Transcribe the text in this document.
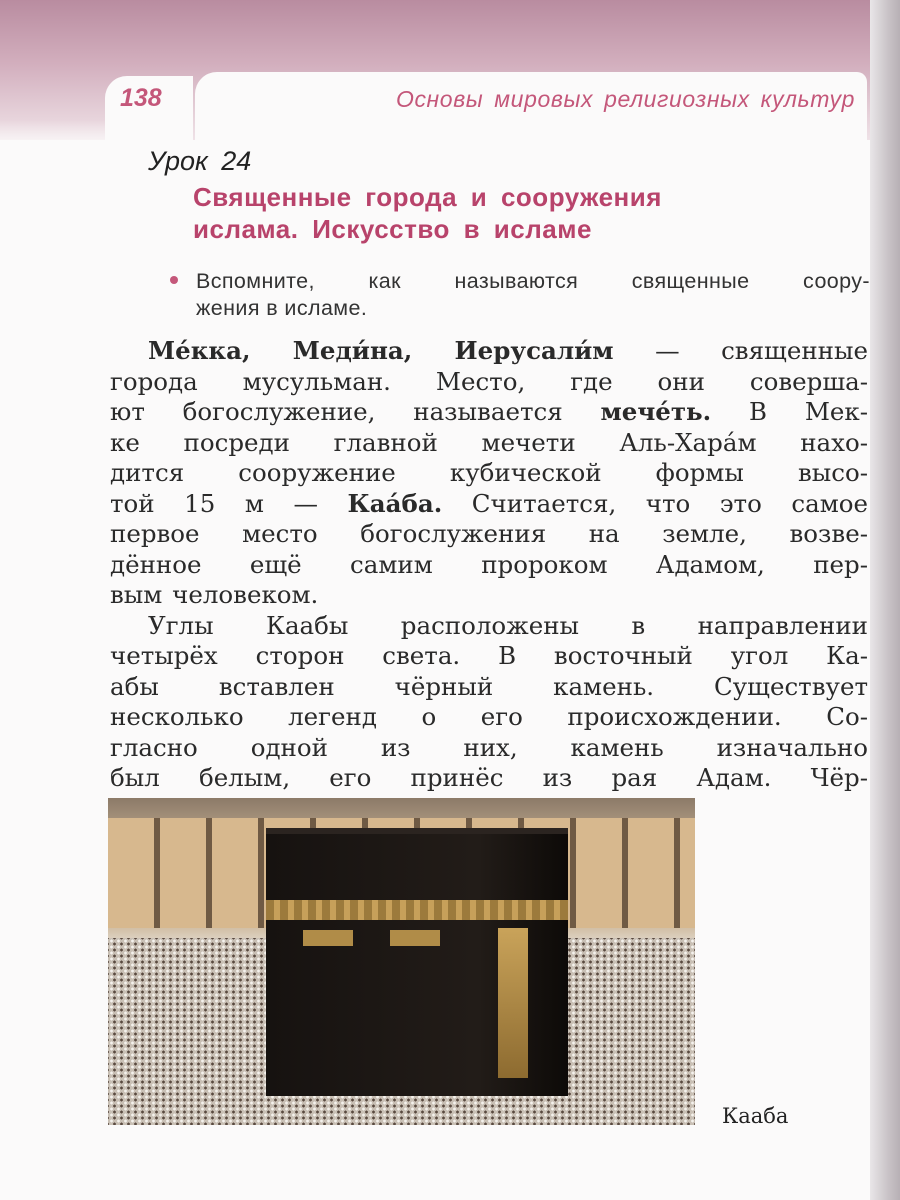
138	Основы мировых религиозных культур
Урок 24
Священные города и сооружения
ислама. Искусство в исламе
Вспомните, как называются священные соору-
жения в исламе.
Ме́кка, Меди́на, Иерусали́м — священные
города мусульман. Место, где они соверша-
ют богослужение, называется мече́ть. В Мек-
ке посреди главной мечети Аль-Хара́м нахо-
дится сооружение кубической формы высо-
той 15 м — Каа́ба. Считается, что это самое
первое место богослужения на земле, возве-
дённое ещё самим пророком Адамом, пер-
вым человеком.
Углы Каабы расположены в направлении
четырёх сторон света. В восточный угол Ка-
абы вставлен чёрный камень. Существует
несколько легенд о его происхождении. Со-
гласно одной из них, камень изначально
был белым, его принёс из рая Адам. Чёр-
Кааба
